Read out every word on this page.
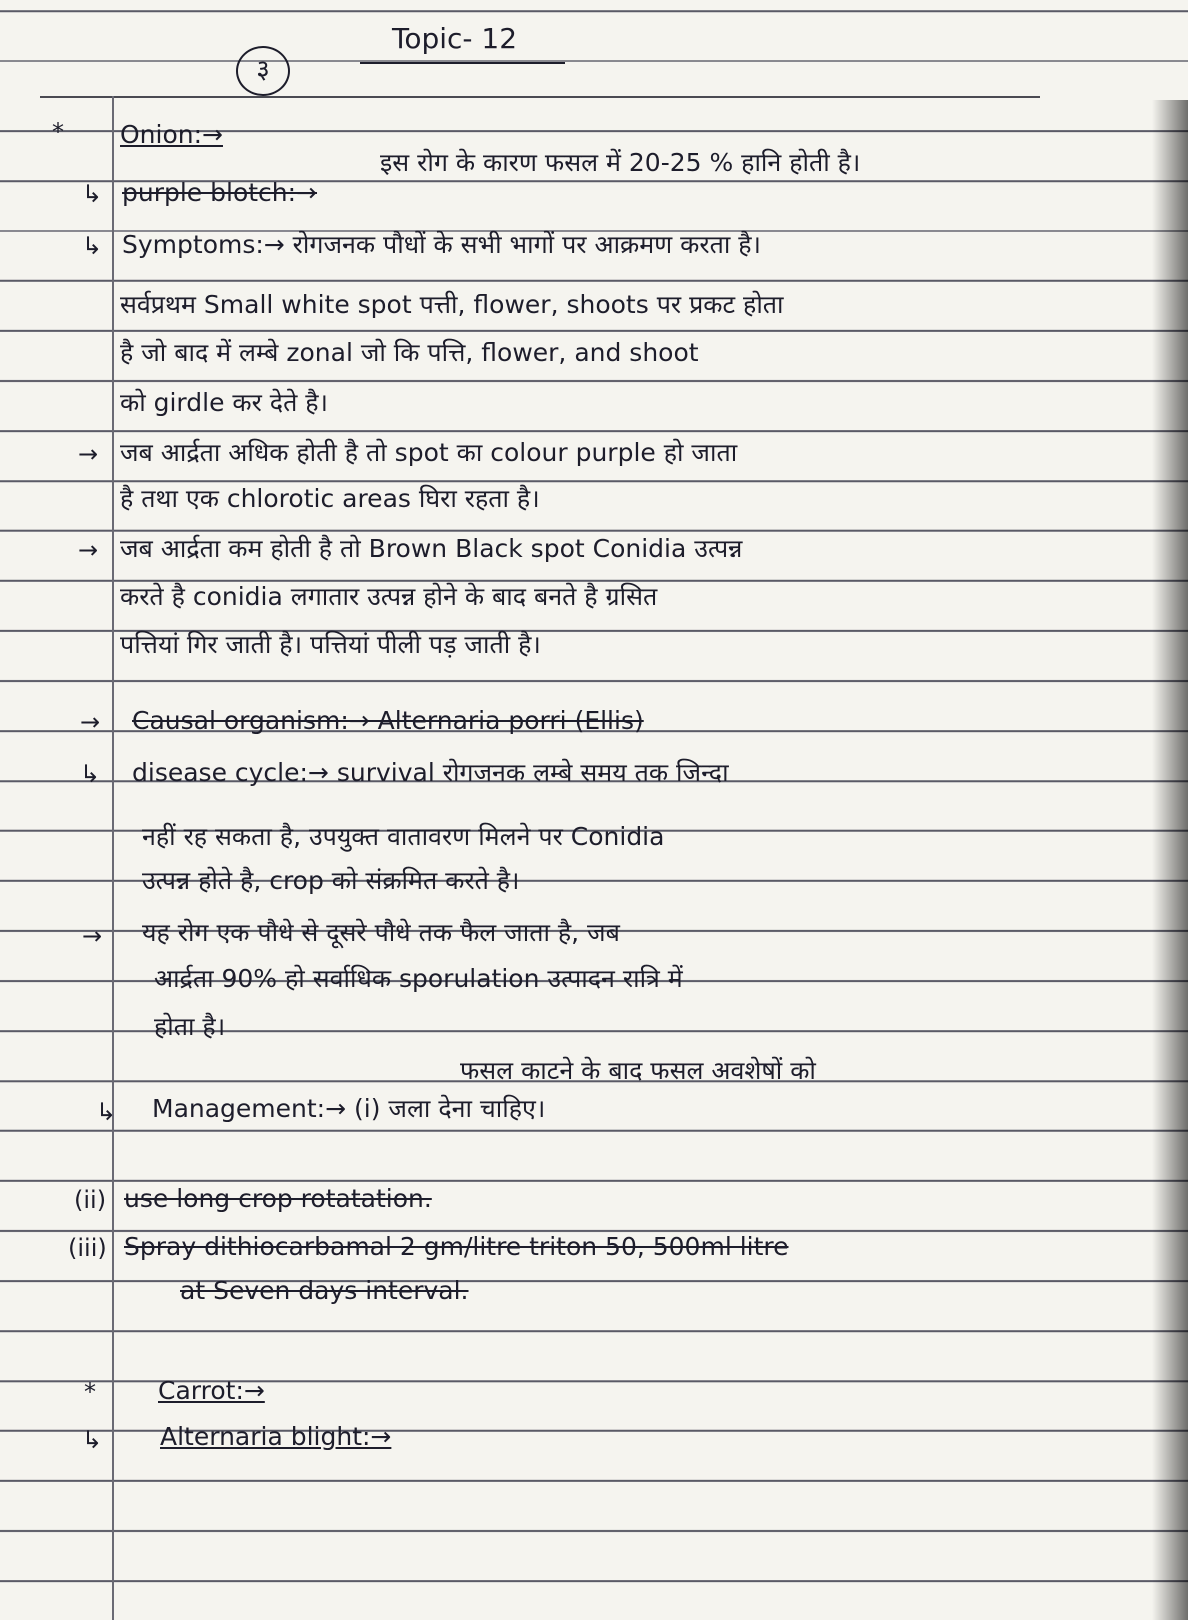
३
Topic- 12
* Onion:→
इस रोग के कारण फसल में 20-25 % हानि होती है।
↳ purple blotch:→
↳ Symptoms:→ रोगजनक पौधों के सभी भागों पर आक्रमण करता है।
सर्वप्रथम Small white spot पत्ती, flower, shoots पर प्रकट होता
है जो बाद में लम्बे zonal जो कि पत्ति, flower, and shoot
को girdle कर देते है।
→ जब आर्द्रता अधिक होती है तो spot का colour purple हो जाता
है तथा एक chlorotic areas घिरा रहता है।
→ जब आर्द्रता कम होती है तो Brown Black spot Conidia उत्पन्न
करते है conidia लगातार उत्पन्न होने के बाद बनते है ग्रसित
पत्तियां गिर जाती है। पत्तियां पीली पड़ जाती है।
→ Causal organism:→ Alternaria porri (Ellis)
↳ disease cycle:→ survival रोगजनक लम्बे समय तक जिन्दा
नहीं रह सकता है, उपयुक्त वातावरण मिलने पर Conidia
उत्पन्न होते है, crop को संक्रमित करते है।
→ यह रोग एक पौधे से दूसरे पौधे तक फैल जाता है, जब
आर्द्रता 90% हो सर्वाधिक sporulation उत्पादन रात्रि में
होता है।
फसल काटने के बाद फसल अवशेषों को
↳ Management:→ (i) जला देना चाहिए।
(ii) use long crop rotatation.
(iii) Spray dithiocarbamal 2 gm/litre triton 50, 500ml litre
at Seven days interval.
* Carrot:→
↳ Alternaria blight:→
